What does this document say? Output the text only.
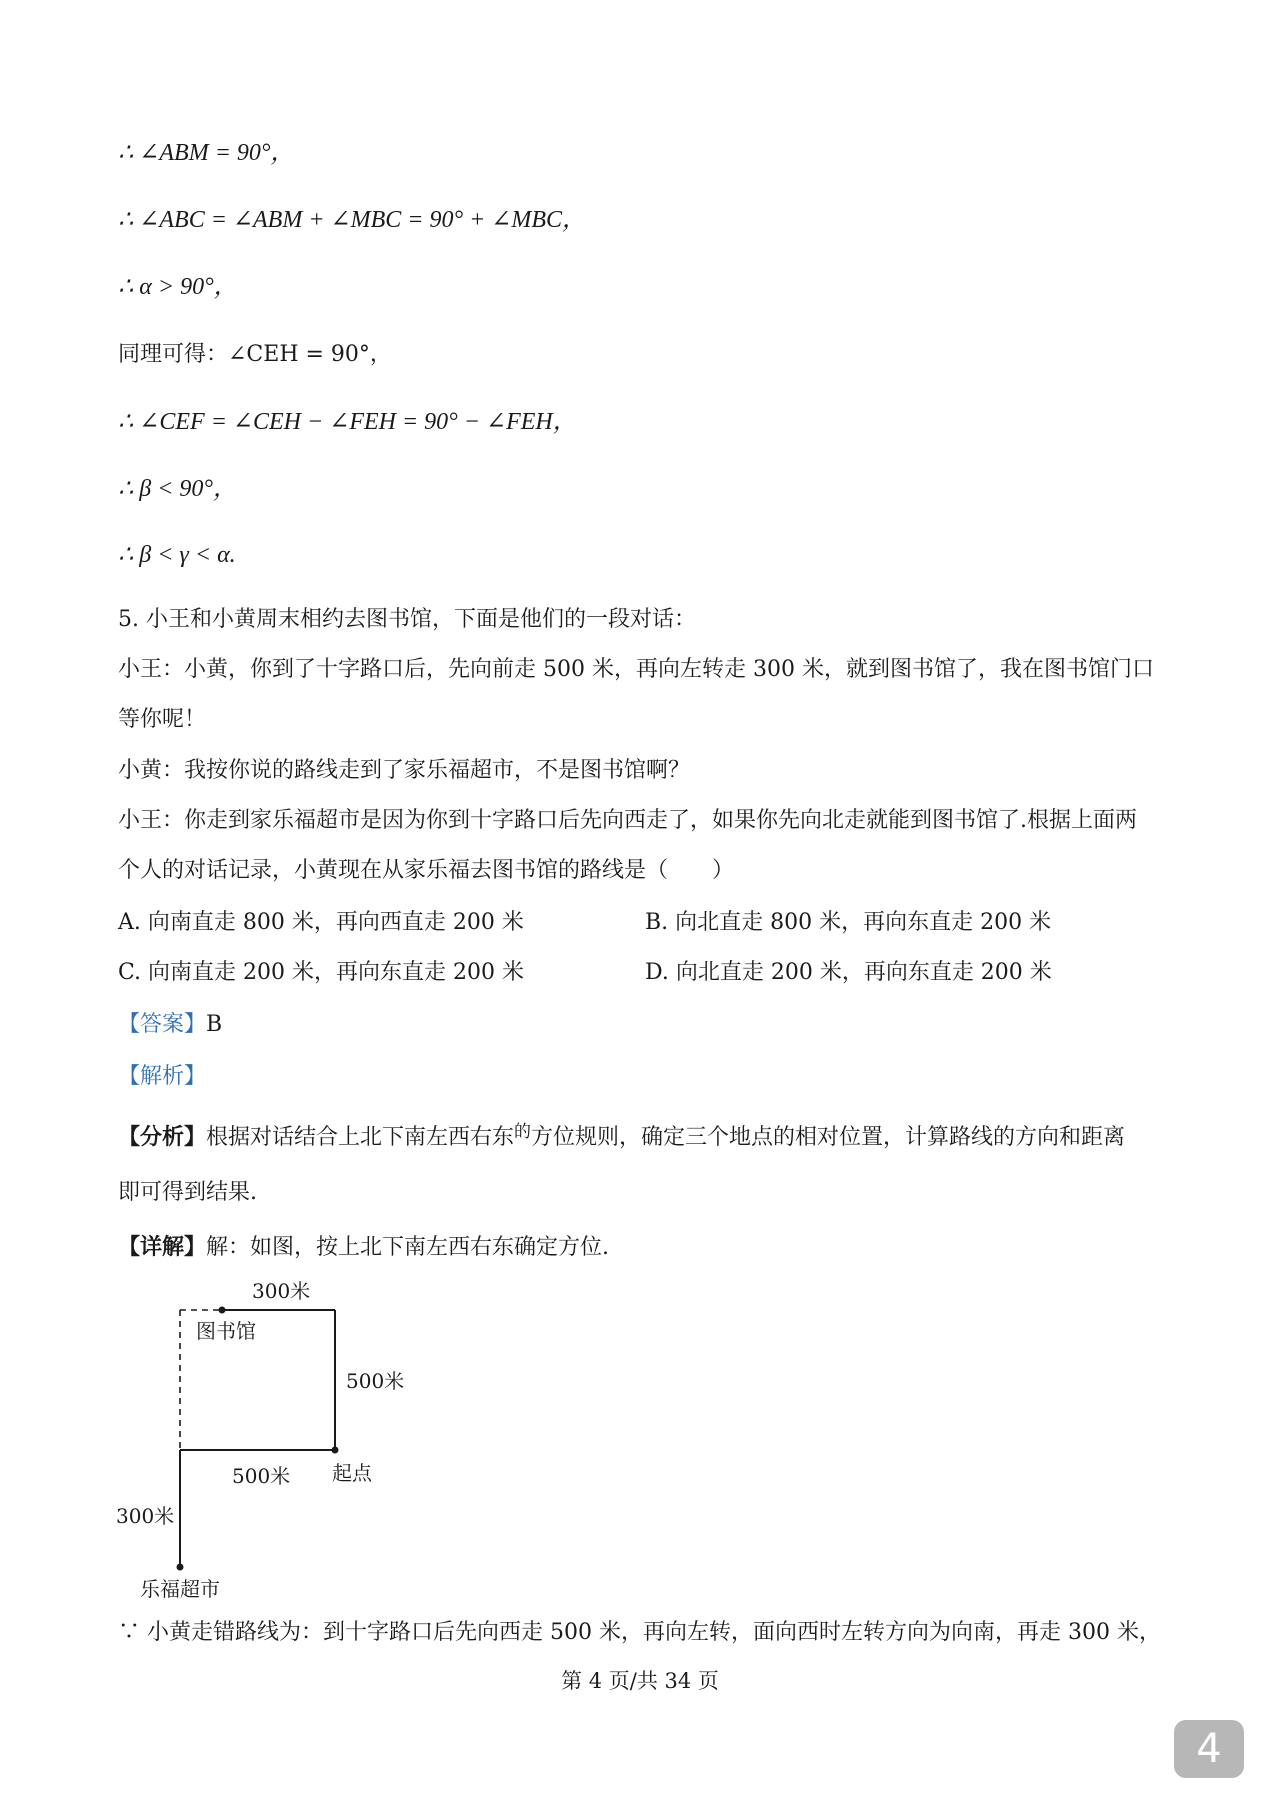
∴ ∠ABM = 90°，
∴ ∠ABC = ∠ABM + ∠MBC = 90° + ∠MBC，
∴ α > 90°，
同理可得：∠CEH = 90°，
∴ ∠CEF = ∠CEH − ∠FEH = 90° − ∠FEH，
∴ β < 90°，
∴ β < γ < α.
5. 小王和小黄周末相约去图书馆，下面是他们的一段对话：
小王：小黄，你到了十字路口后，先向前走 500 米，再向左转走 300 米，就到图书馆了，我在图书馆门口
等你呢！
小黄：我按你说的路线走到了家乐福超市，不是图书馆啊？
小王：你走到家乐福超市是因为你到十字路口后先向西走了，如果你先向北走就能到图书馆了.根据上面两
个人的对话记录，小黄现在从家乐福去图书馆的路线是（　　）
A. 向南直走 800 米，再向西直走 200 米	B. 向北直走 800 米，再向东直走 200 米
C. 向南直走 200 米，再向东直走 200 米	D. 向北直走 200 米，再向东直走 200 米
【答案】B
【解析】
【分析】根据对话结合上北下南左西右东$^的$方位规则，确定三个地点的相对位置，计算路线的方向和距离
即可得到结果.
【详解】解：如图，按上北下南左西右东确定方位.
300米
图书馆
500米
500米 起点
300米
乐福超市
∵ 小黄走错路线为：到十字路口后先向西走 500 米，再向左转，面向西时左转方向为向南，再走 300 米，
第 4 页/共 34 页
4
